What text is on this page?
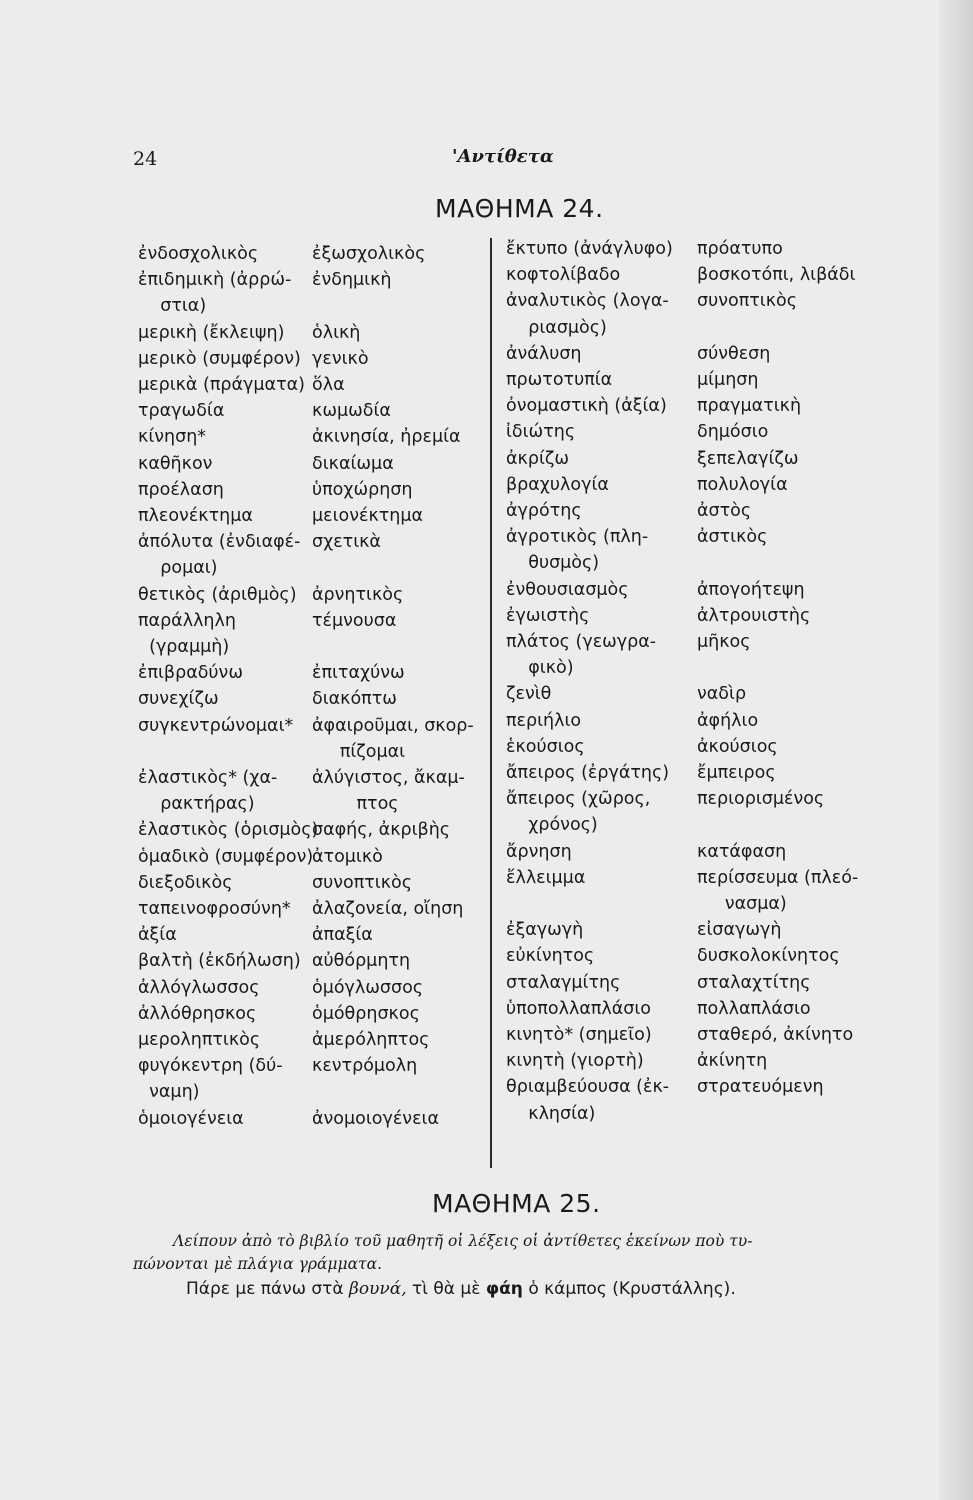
24	'Αντίθετα
ΜΑΘΗΜΑ 24.
ἐνδοσχολικὸς
ἐπιδημικὴ (ἀρρώ-
στια)
μερικὴ (ἔκλειψη)
μερικὸ (συμφέρον)
μερικὰ (πράγματα)
τραγωδία
κίνηση*
καθῆκον
προέλαση
πλεονέκτημα
ἀπόλυτα (ἐνδιαφέ-
ρομαι)
θετικὸς (ἀριθμὸς)
παράλληλη
(γραμμὴ)
ἐπιβραδύνω
συνεχίζω
συγκεντρώνομαι*
ἐλαστικὸς* (χα-
ρακτήρας)
ἐλαστικὸς (ὁρισμὸς)
ὁμαδικὸ (συμφέρον)
διεξοδικὸς
ταπεινοφροσύνη*
ἀξία
βαλτὴ (ἐκδήλωση)
ἀλλόγλωσσος
ἀλλόθρησκος
μεροληπτικὸς
φυγόκεντρη (δύ-
ναμη)
ὁμοιογένεια
ἐξωσχολικὸς
ἐνδημικὴ
ὁλικὴ
γενικὸ
ὅλα
κωμωδία
ἀκινησία, ἠρεμία
δικαίωμα
ὑποχώρηση
μειονέκτημα
σχετικὰ
ἀρνητικὸς
τέμνουσα
ἐπιταχύνω
διακόπτω
ἀφαιροῦμαι, σκορ-
πίζομαι
ἀλύγιστος, ἄκαμ-
πτος
σαφής, ἀκριβὴς
ἀτομικὸ
συνοπτικὸς
ἀλαζονεία, οἴηση
ἀπαξία
αὐθόρμητη
ὁμόγλωσσος
ὁμόθρησκος
ἀμερόληπτος
κεντρόμολη
ἀνομοιογένεια
ἔκτυπο (ἀνάγλυφο)
κοφτολίβαδο
ἀναλυτικὸς (λογα-
ριασμὸς)
ἀνάλυση
πρωτοτυπία
ὀνομαστικὴ (ἀξία)
ἰδιώτης
ἀκρίζω
βραχυλογία
ἀγρότης
ἀγροτικὸς (πλη-
θυσμὸς)
ἐνθουσιασμὸς
ἐγωιστὴς
πλάτος (γεωγρα-
φικὸ)
ζενὶθ
περιήλιο
ἑκούσιος
ἄπειρος (ἐργάτης)
ἄπειρος (χῶρος,
χρόνος)
ἄρνηση
ἔλλειμμα
ἐξαγωγὴ
εὐκίνητος
σταλαγμίτης
ὑποπολλαπλάσιο
κινητὸ* (σημεῖο)
κινητὴ (γιορτὴ)
θριαμβεύουσα (ἐκ-
κλησία)
πρόατυπο
βοσκοτόπι, λιβάδι
συνοπτικὸς
σύνθεση
μίμηση
πραγματικὴ
δημόσιο
ξεπελαγίζω
πολυλογία
ἀστὸς
ἀστικὸς
ἀπογοήτεψη
ἀλτρουιστὴς
μῆκος
ναδὶρ
ἀφήλιο
ἀκούσιος
ἔμπειρος
περιορισμένος
κατάφαση
περίσσευμα (πλεό-
νασμα)
εἰσαγωγὴ
δυσκολοκίνητος
σταλαχτίτης
πολλαπλάσιο
σταθερό, ἀκίνητο
ἀκίνητη
στρατευόμενη
ΜΑΘΗΜΑ 25.
Λείπουν ἀπὸ τὸ βιβλίο τοῦ μαθητῆ οἱ λέξεις οἱ ἀντίθετες ἐκείνων ποὺ τυ-
πώνονται μὲ πλάγια γράμματα.
Πάρε με πάνω στὰ βουνά, τὶ θὰ μὲ φάη ὁ κάμπος (Κρυστάλλης).
